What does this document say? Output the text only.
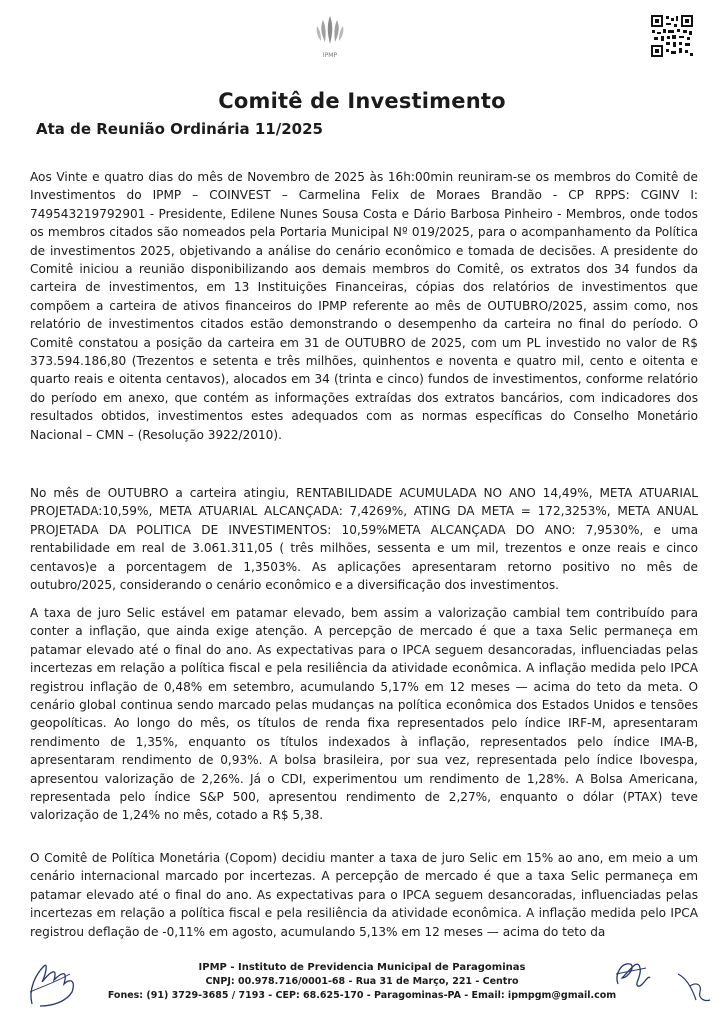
IPMP
Comitê de Investimento
Ata de Reunião Ordinária 11/2025
Aos Vinte e quatro dias do mês de Novembro de 2025 às 16h:00min reuniram-se os membros do Comitê de Investimentos do IPMP – COINVEST – Carmelina Felix de Moraes Brandão - CP RPPS: CGINV I: 749543219792901 - Presidente, Edilene Nunes Sousa Costa e Dário Barbosa Pinheiro - Membros, onde todos os membros citados são nomeados pela Portaria Municipal Nº 019/2025, para o acompanhamento da Política de investimentos 2025, objetivando a análise do cenário econômico e tomada de decisões. A presidente do Comitê iniciou a reunião disponibilizando aos demais membros do Comitê, os extratos dos 34 fundos da carteira de investimentos, em 13 Instituições Financeiras, cópias dos relatórios de investimentos que compõem a carteira de ativos financeiros do IPMP referente ao mês de OUTUBRO/2025, assim como, nos relatório de investimentos citados estão demonstrando o desempenho da carteira no final do período. O Comitê constatou a posição da carteira em 31 de OUTUBRO de 2025, com um PL investido no valor de R$ 373.594.186,80 (Trezentos e setenta e três milhões, quinhentos e noventa e quatro mil, cento e oitenta e quarto reais e oitenta centavos), alocados em 34 (trinta e cinco) fundos de investimentos, conforme relatório do período em anexo, que contém as informações extraídas dos extratos bancários, com indicadores dos resultados obtidos, investimentos estes adequados com as normas específicas do Conselho Monetário Nacional – CMN – (Resolução 3922/2010).
No mês de OUTUBRO a carteira atingiu, RENTABILIDADE ACUMULADA NO ANO 14,49%, META ATUARIAL PROJETADA:10,59%, META ATUARIAL ALCANÇADA: 7,4269%, ATING DA META = 172,3253%, META ANUAL PROJETADA DA POLITICA DE INVESTIMENTOS: 10,59%META ALCANÇADA DO ANO: 7,9530%, e uma rentabilidade em real de 3.061.311,05 ( três milhões, sessenta e um mil, trezentos e onze reais e cinco centavos)e a porcentagem de 1,3503%. As aplicações apresentaram retorno positivo no mês de outubro/2025, considerando o cenário econômico e a diversificação dos investimentos.
A taxa de juro Selic estável em patamar elevado, bem assim a valorização cambial tem contribuído para conter a inflação, que ainda exige atenção. A percepção de mercado é que a taxa Selic permaneça em patamar elevado até o final do ano. As expectativas para o IPCA seguem desancoradas, influenciadas pelas incertezas em relação a política fiscal e pela resiliência da atividade econômica. A inflação medida pelo IPCA registrou inflação de 0,48% em setembro, acumulando 5,17% em 12 meses — acima do teto da meta. O cenário global continua sendo marcado pelas mudanças na política econômica dos Estados Unidos e tensões geopolíticas. Ao longo do mês, os títulos de renda fixa representados pelo índice IRF-M, apresentaram rendimento de 1,35%, enquanto os títulos indexados à inflação, representados pelo índice IMA-B, apresentaram rendimento de 0,93%. A bolsa brasileira, por sua vez, representada pelo índice Ibovespa, apresentou valorização de 2,26%. Já o CDI, experimentou um rendimento de 1,28%. A Bolsa Americana, representada pelo índice S&P 500, apresentou rendimento de 2,27%, enquanto o dólar (PTAX) teve valorização de 1,24% no mês, cotado a R$ 5,38.
O Comitê de Política Monetária (Copom) decidiu manter a taxa de juro Selic em 15% ao ano, em meio a um cenário internacional marcado por incertezas. A percepção de mercado é que a taxa Selic permaneça em patamar elevado até o final do ano. As expectativas para o IPCA seguem desancoradas, influenciadas pelas incertezas em relação a política fiscal e pela resiliência da atividade econômica. A inflação medida pelo IPCA registrou deflação de -0,11% em agosto, acumulando 5,13% em 12 meses — acima do teto da
IPMP - Instituto de Previdencia Municipal de Paragominas
CNPJ: 00.978.716/0001-68 - Rua 31 de Março, 221 - Centro
Fones: (91) 3729-3685 / 7193 - CEP: 68.625-170 - Paragominas-PA - Email: ipmpgm@gmail.com
